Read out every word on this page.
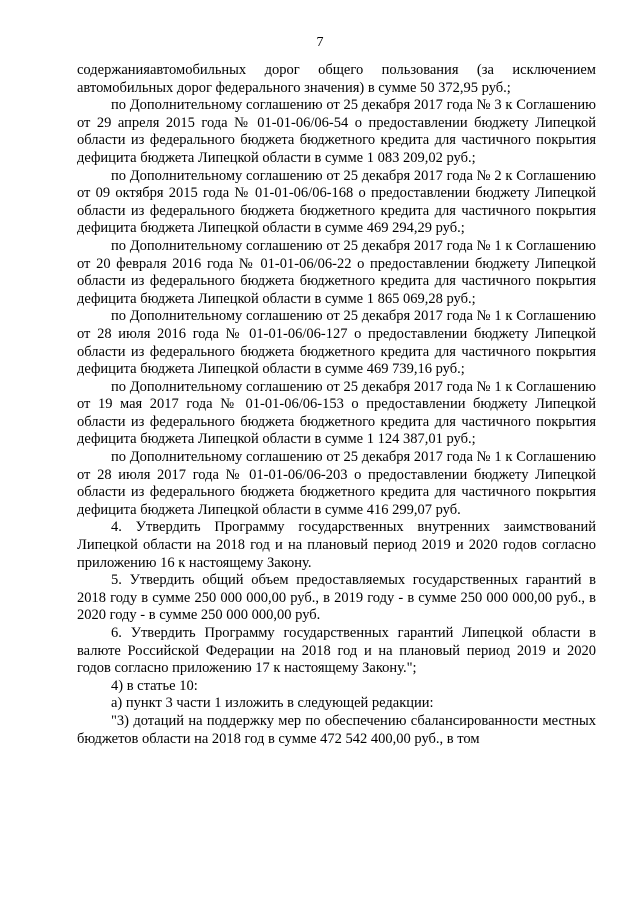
7

содержанияавтомобильных дорог общего пользования (за исключением автомобильных дорог федерального значения) в сумме 50 372,95 руб.;

по Дополнительному соглашению от 25 декабря 2017 года № 3 к Соглашению от 29 апреля 2015 года № 01-01-06/06-54 о предоставлении бюджету Липецкой области из федерального бюджета бюджетного кредита для частичного покрытия дефицита бюджета Липецкой области в сумме 1 083 209,02 руб.;

по Дополнительному соглашению от 25 декабря 2017 года № 2 к Соглашению от 09 октября 2015 года № 01-01-06/06-168 о предоставлении бюджету Липецкой области из федерального бюджета бюджетного кредита для частичного покрытия дефицита бюджета Липецкой области в сумме 469 294,29 руб.;

по Дополнительному соглашению от 25 декабря 2017 года № 1 к Соглашению от 20 февраля 2016 года № 01-01-06/06-22 о предоставлении бюджету Липецкой области из федерального бюджета бюджетного кредита для частичного покрытия дефицита бюджета Липецкой области в сумме 1 865 069,28 руб.;

по Дополнительному соглашению от 25 декабря 2017 года № 1 к Соглашению от 28 июля 2016 года № 01-01-06/06-127 о предоставлении бюджету Липецкой области из федерального бюджета бюджетного кредита для частичного покрытия дефицита бюджета Липецкой области в сумме 469 739,16 руб.;

по Дополнительному соглашению от 25 декабря 2017 года № 1 к Соглашению от 19 мая 2017 года № 01-01-06/06-153 о предоставлении бюджету Липецкой области из федерального бюджета бюджетного кредита для частичного покрытия дефицита бюджета Липецкой области в сумме 1 124 387,01 руб.;

по Дополнительному соглашению от 25 декабря 2017 года № 1 к Соглашению от 28 июля 2017 года № 01-01-06/06-203 о предоставлении бюджету Липецкой области из федерального бюджета бюджетного кредита для частичного покрытия дефицита бюджета Липецкой области в сумме 416 299,07 руб.

4. Утвердить Программу государственных внутренних заимствований Липецкой области на 2018 год и на плановый период 2019 и 2020 годов согласно приложению 16 к настоящему Закону.

5. Утвердить общий объем предоставляемых государственных гарантий в 2018 году в сумме 250 000 000,00 руб., в 2019 году - в сумме 250 000 000,00 руб., в 2020 году - в сумме 250 000 000,00 руб.

6. Утвердить Программу государственных гарантий Липецкой области в валюте Российской Федерации на 2018 год и на плановый период 2019 и 2020 годов согласно приложению 17 к настоящему Закону.";

4) в статье 10:

а) пункт 3 части 1 изложить в следующей редакции:

"3) дотаций на поддержку мер по обеспечению сбалансированности местных бюджетов области на 2018 год в сумме 472 542 400,00 руб., в том
